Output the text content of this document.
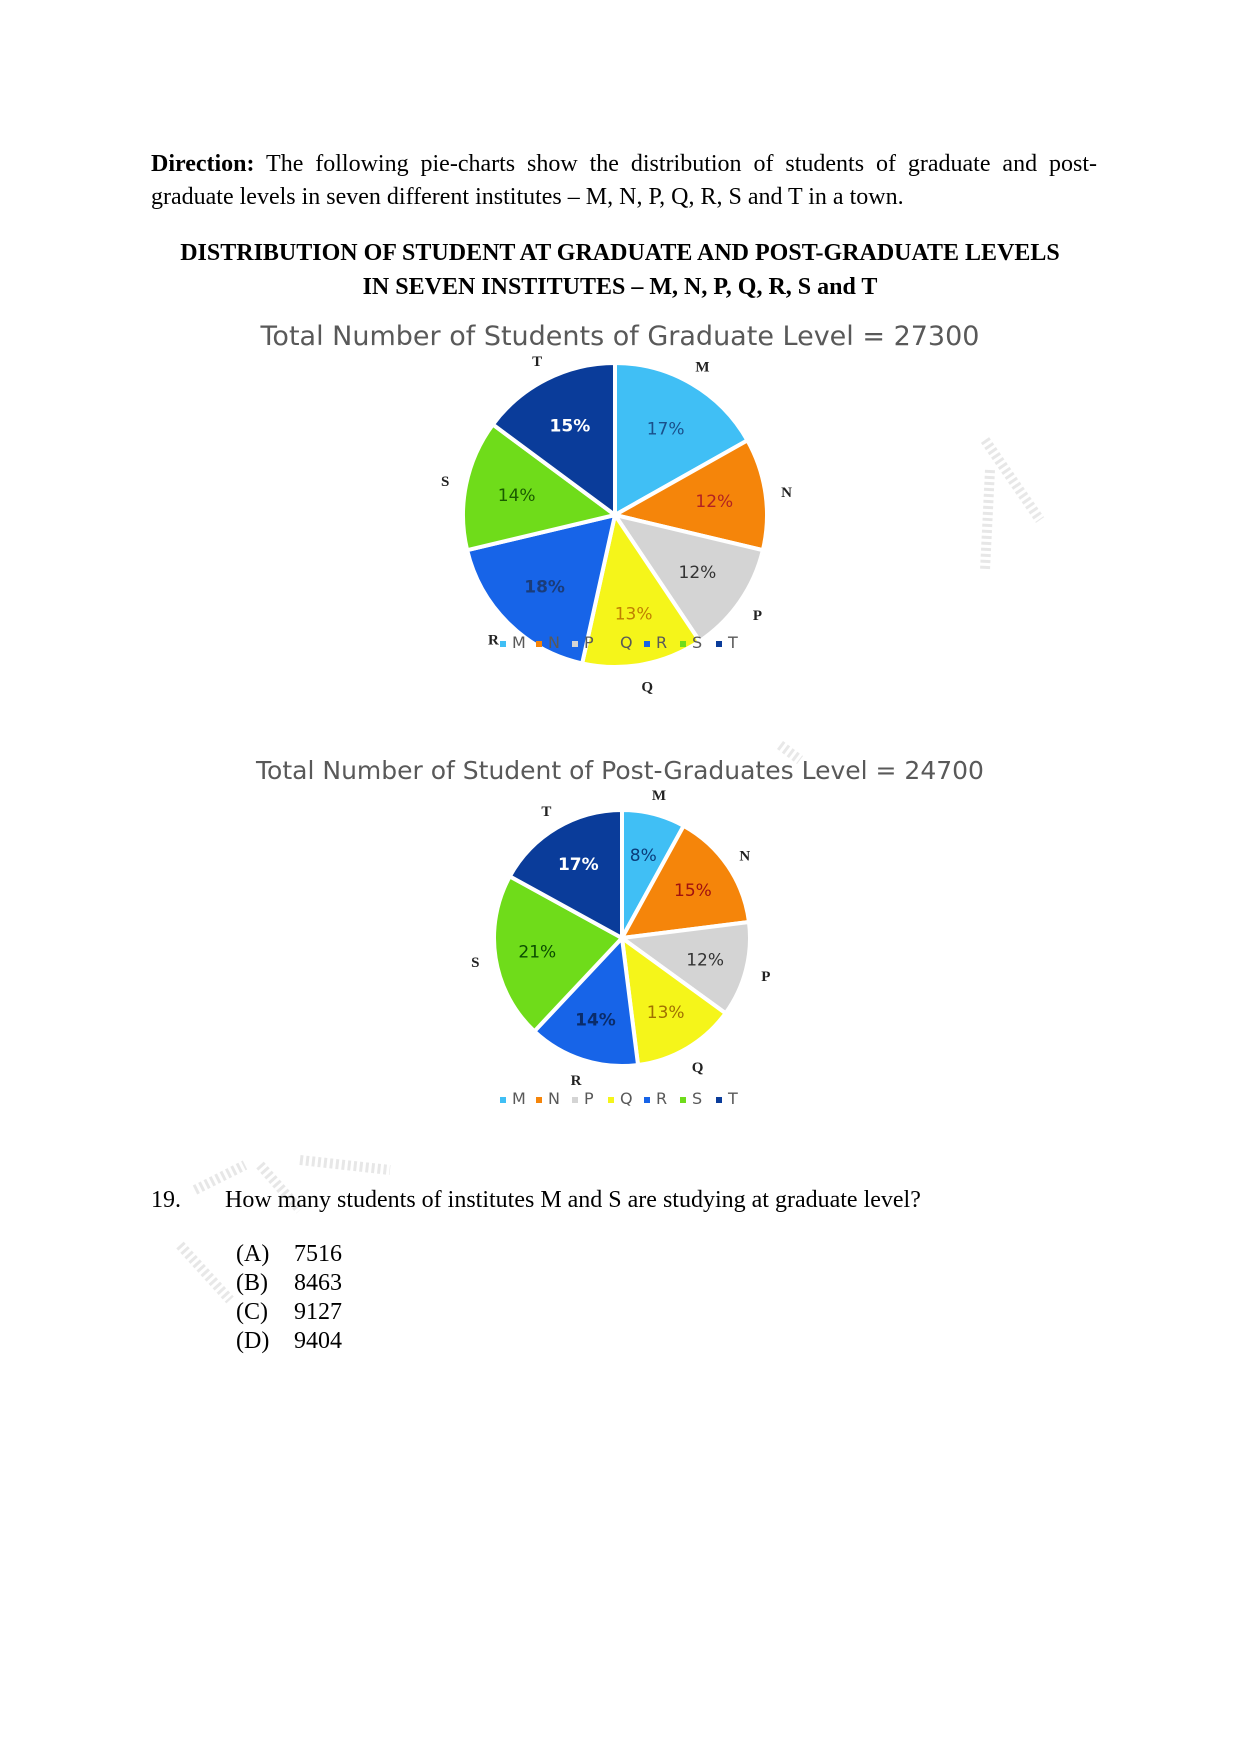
Direction: The following pie-charts show the distribution of students of graduate and post-graduate levels in seven different institutes – M, N, P, Q, R, S and T in a town.
DISTRIBUTION OF STUDENT AT GRADUATE AND POST-GRADUATE LEVELS
IN SEVEN INSTITUTES – M, N, P, Q, R, S and T
Total Number of Students of Graduate Level = 27300
17%
M
12%	N
12%
P
13%
Q
18%
R
14%
S
15%
T
M N P Q R S T
Total Number of Student of Post-Graduates Level = 24700
8%
M
15%
N
12%
P
13%
Q
14%
R
21%
S
17%
T
M N P Q R S T
19. How many students of institutes M and S are studying at graduate level?
(A) 7516
(B) 8463
(C) 9127
(D) 9404
